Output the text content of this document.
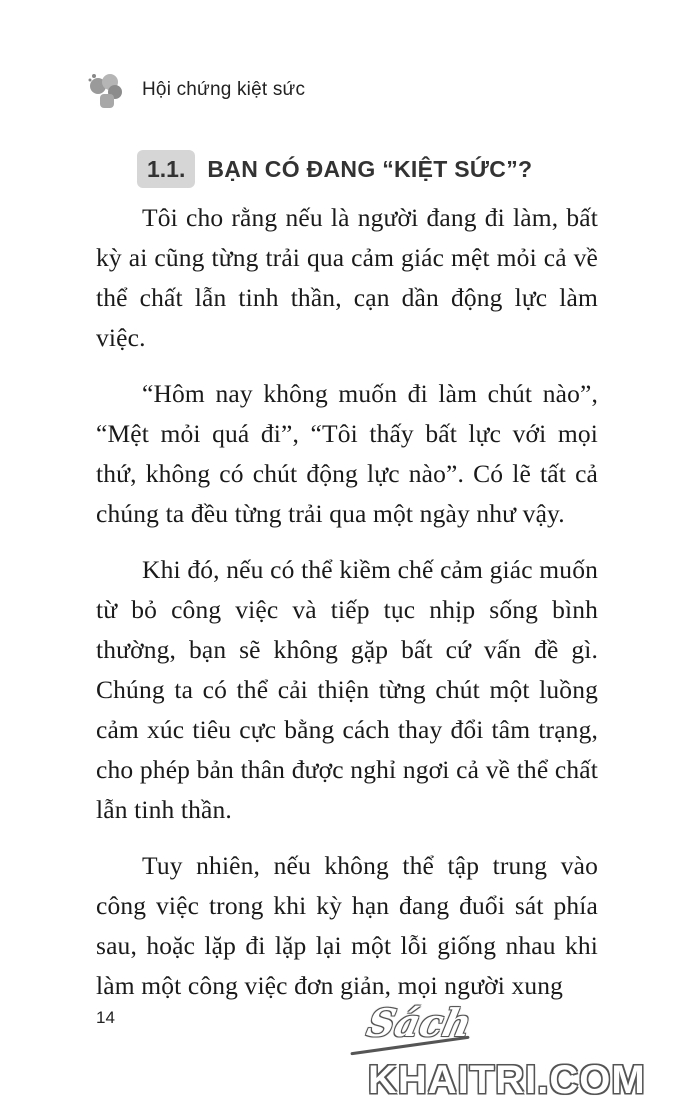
Hội chứng kiệt sức
1.1. BẠN CÓ ĐANG “KIỆT SỨC”?

Tôi cho rằng nếu là người đang đi làm, bất kỳ ai cũng từng trải qua cảm giác mệt mỏi cả về thể chất lẫn tinh thần, cạn dần động lực làm việc.

“Hôm nay không muốn đi làm chút nào”, “Mệt mỏi quá đi”, “Tôi thấy bất lực với mọi thứ, không có chút động lực nào”. Có lẽ tất cả chúng ta đều từng trải qua một ngày như vậy.

Khi đó, nếu có thể kiềm chế cảm giác muốn từ bỏ công việc và tiếp tục nhịp sống bình thường, bạn sẽ không gặp bất cứ vấn đề gì. Chúng ta có thể cải thiện từng chút một luồng cảm xúc tiêu cực bằng cách thay đổi tâm trạng, cho phép bản thân được nghỉ ngơi cả về thể chất lẫn tinh thần.

Tuy nhiên, nếu không thể tập trung vào công việc trong khi kỳ hạn đang đuổi sát phía sau, hoặc lặp đi lặp lại một lỗi giống nhau khi làm một công việc đơn giản, mọi người xung

14	Sách
KHAITRI.COM
